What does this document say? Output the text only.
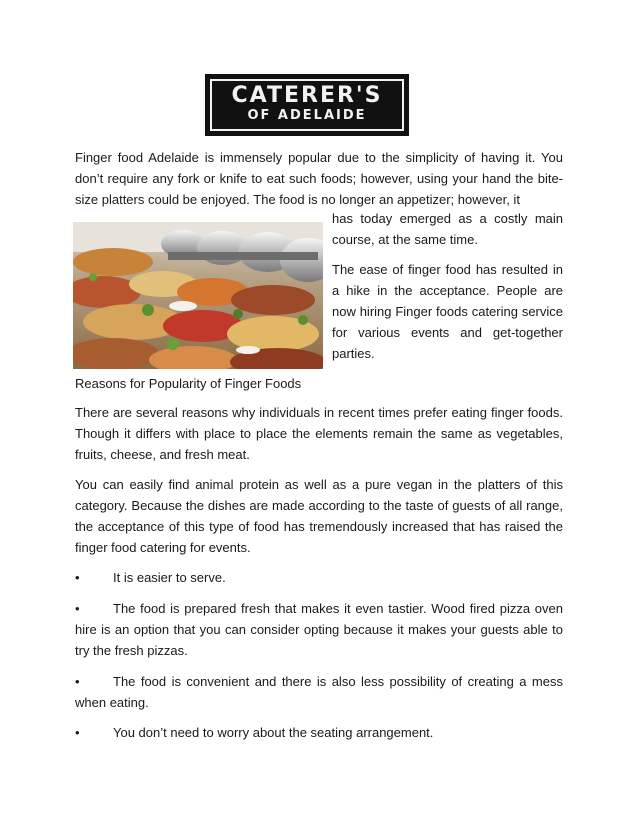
CATERER'S
OF ADELAIDE

Finger food Adelaide is immensely popular due to the simplicity of having it. You don’t require any fork or knife to eat such foods; however, using your hand the bite-size platters could be enjoyed. The food is no longer an appetizer; however, it

has today emerged as a costly main course, at the same time.

The ease of finger food has resulted in a hike in the acceptance. People are now hiring Finger foods catering service for various events and get-together parties.

Reasons for Popularity of Finger Foods

There are several reasons why individuals in recent times prefer eating finger foods. Though it differs with place to place the elements remain the same as vegetables, fruits, cheese, and fresh meat.

You can easily find animal protein as well as a pure vegan in the platters of this category. Because the dishes are made according to the taste of guests of all range, the acceptance of this type of food has tremendously increased that has raised the finger food catering for events.

•	It is easier to serve.
•	The food is prepared fresh that makes it even tastier. Wood fired pizza oven hire is an option that you can consider opting because it makes your guests able to try the fresh pizzas.
•	The food is convenient and there is also less possibility of creating a mess when eating.
•	You don’t need to worry about the seating arrangement.
